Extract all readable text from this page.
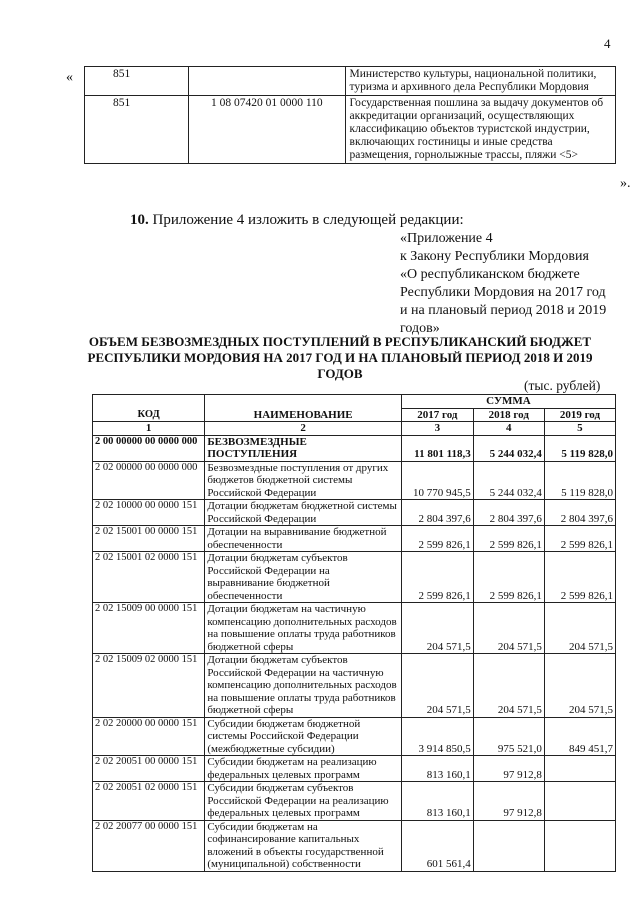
4
«
».
851		Министерство культуры, национальной политики, туризма и архивного дела Республики Мордовия
851	1 08 07420 01 0000 110	Государственная пошлина за выдачу документов об аккредитации организаций, осуществляющих классификацию объектов туристской индустрии, включающих гостиницы и иные средства размещения, горнолыжные трассы, пляжи <5>
10. Приложение 4 изложить в следующей редакции:
«Приложение 4
к Закону Республики Мордовия
«О республиканском бюджете
Республики Мордовия на 2017 год
и на плановый период 2018 и 2019
годов»
ОБЪЕМ БЕЗВОЗМЕЗДНЫХ ПОСТУПЛЕНИЙ В РЕСПУБЛИКАНСКИЙ БЮДЖЕТ РЕСПУБЛИКИ МОРДОВИЯ НА 2017 ГОД И НА ПЛАНОВЫЙ ПЕРИОД 2018 И 2019 ГОДОВ
(тыс. рублей)
КОД	НАИМЕНОВАНИЕ	СУММА		
		2017 год	2018 год	2019 год
1	2	3	4	5
2 00 00000 00 0000 000	БЕЗВОЗМЕЗДНЫЕ ПОСТУПЛЕНИЯ	11 801 118,3	5 244 032,4	5 119 828,0
2 02 00000 00 0000 000	Безвозмездные поступления от других бюджетов бюджетной системы Российской Федерации	10 770 945,5	5 244 032,4	5 119 828,0
2 02 10000 00 0000 151	Дотации бюджетам бюджетной системы Российской Федерации	2 804 397,6	2 804 397,6	2 804 397,6
2 02 15001 00 0000 151	Дотации на выравнивание бюджетной обеспеченности	2 599 826,1	2 599 826,1	2 599 826,1
2 02 15001 02 0000 151	Дотации бюджетам субъектов Российской Федерации на выравнивание бюджетной обеспеченности	2 599 826,1	2 599 826,1	2 599 826,1
2 02 15009 00 0000 151	Дотации бюджетам на частичную компенсацию дополнительных расходов на повышение оплаты труда работников бюджетной сферы	204 571,5	204 571,5	204 571,5
2 02 15009 02 0000 151	Дотации бюджетам субъектов Российской Федерации на частичную компенсацию дополнительных расходов на повышение оплаты труда работников бюджетной сферы	204 571,5	204 571,5	204 571,5
2 02 20000 00 0000 151	Субсидии бюджетам бюджетной системы Российской Федерации (межбюджетные субсидии)	3 914 850,5	975 521,0	849 451,7
2 02 20051 00 0000 151	Субсидии бюджетам на реализацию федеральных целевых программ	813 160,1	97 912,8	
2 02 20051 02 0000 151	Субсидии бюджетам субъектов Российской Федерации на реализацию федеральных целевых программ	813 160,1	97 912,8	
2 02 20077 00 0000 151	Субсидии бюджетам на софинансирование капитальных вложений в объекты государственной (муниципальной) собственности	601 561,4		
